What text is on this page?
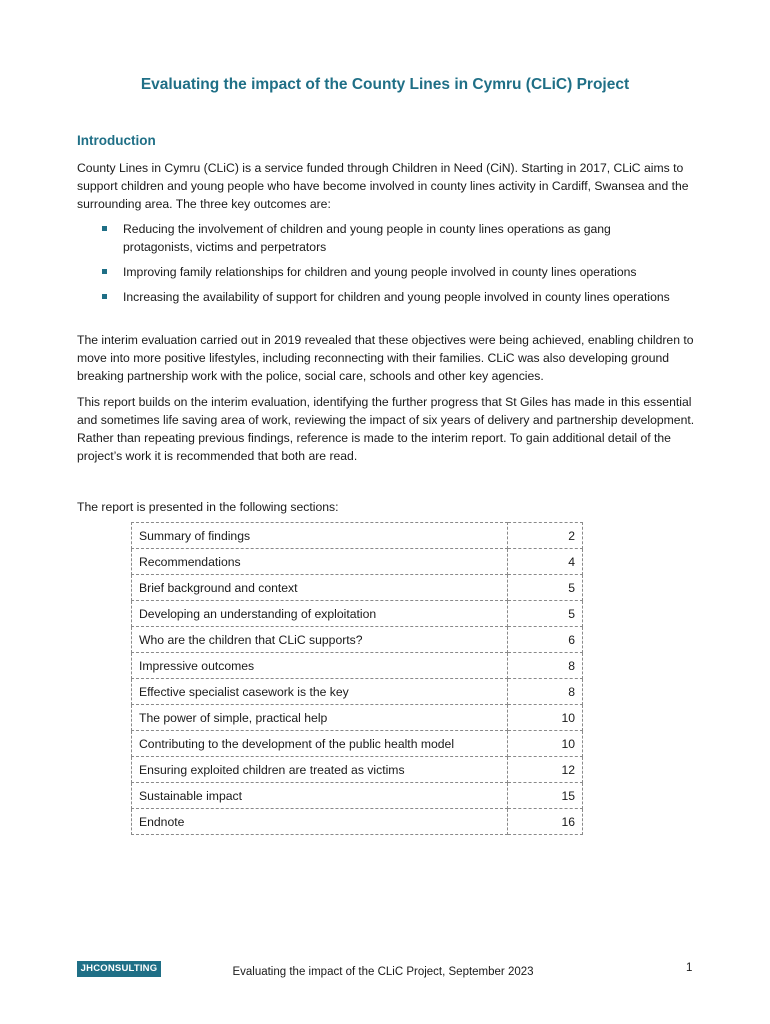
Evaluating the impact of the County Lines in Cymru (CLiC) Project
Introduction
County Lines in Cymru (CLiC) is a service funded through Children in Need (CiN). Starting in 2017, CLiC aims to support children and young people who have become involved in county lines activity in Cardiff, Swansea and the surrounding area. The three key outcomes are:
Reducing the involvement of children and young people in county lines operations as gang protagonists, victims and perpetrators
Improving family relationships for children and young people involved in county lines operations
Increasing the availability of support for children and young people involved in county lines operations
The interim evaluation carried out in 2019 revealed that these objectives were being achieved, enabling children to move into more positive lifestyles, including reconnecting with their families. CLiC was also developing ground breaking partnership work with the police, social care, schools and other key agencies.
This report builds on the interim evaluation, identifying the further progress that St Giles has made in this essential and sometimes life saving area of work, reviewing the impact of six years of delivery and partnership development. Rather than repeating previous findings, reference is made to the interim report. To gain additional detail of the project’s work it is recommended that both are read.
The report is presented in the following sections:
Summary of findings	2
Recommendations	4
Brief background and context	5
Developing an understanding of exploitation	5
Who are the children that CLiC supports?	6
Impressive outcomes	8
Effective specialist casework is the key	8
The power of simple, practical help	10
Contributing to the development of the public health model	10
Ensuring exploited children are treated as victims	12
Sustainable impact	15
Endnote	16
JHCONSULTING	Evaluating the impact of the CLiC Project, September 2023	1
